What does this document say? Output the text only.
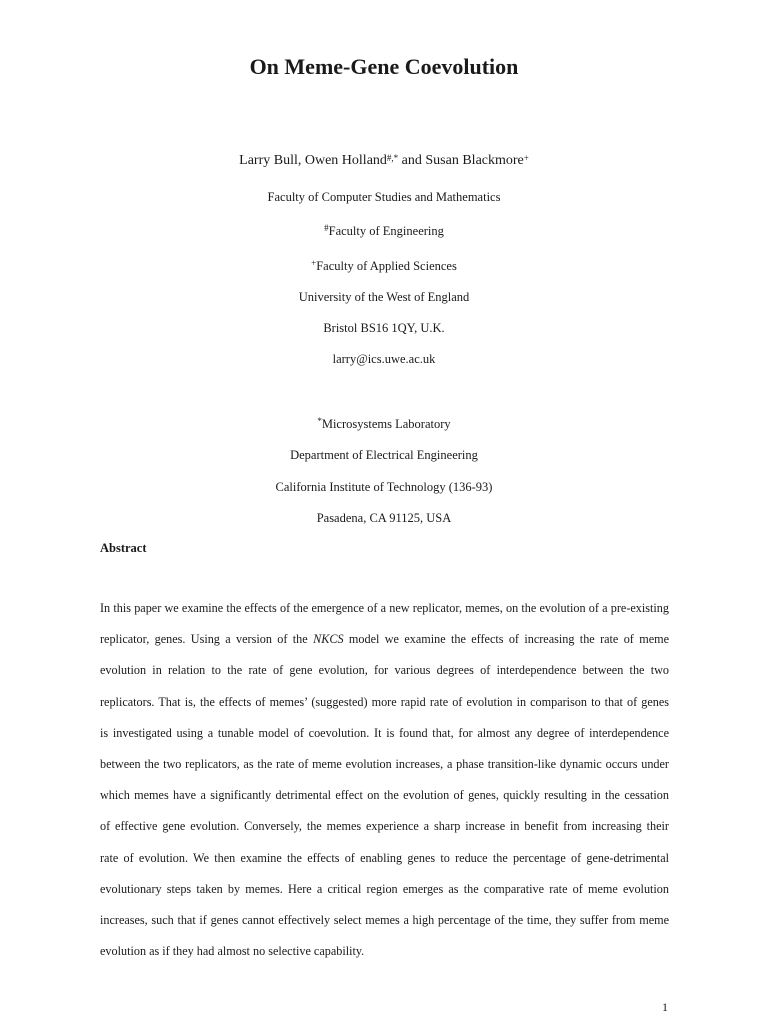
On Meme-Gene Coevolution
Larry Bull, Owen Holland#,* and Susan Blackmore+
Faculty of Computer Studies and Mathematics
#Faculty of Engineering
+Faculty of Applied Sciences
University of the West of England
Bristol BS16 1QY, U.K.
larry@ics.uwe.ac.uk
*Microsystems Laboratory
Department of Electrical Engineering
California Institute of Technology (136-93)
Pasadena, CA 91125, USA
Abstract
In this paper we examine the effects of the emergence of a new replicator, memes, on the evolution of a pre-existing
replicator, genes. Using a version of the NKCS model we examine the effects of increasing the rate of meme
evolution in relation to the rate of gene evolution, for various degrees of interdependence between the two
replicators. That is, the effects of memes’ (suggested) more rapid rate of evolution in comparison to that of genes
is investigated using a tunable model of coevolution. It is found that, for almost any degree of interdependence
between the two replicators, as the rate of meme evolution increases, a phase transition-like dynamic occurs under
which memes have a significantly detrimental effect on the evolution of genes, quickly resulting in the cessation
of effective gene evolution. Conversely, the memes experience a sharp increase in benefit from increasing their
rate of evolution. We then examine the effects of enabling genes to reduce the percentage of gene-detrimental
evolutionary steps taken by memes. Here a critical region emerges as the comparative rate of meme evolution
increases, such that if genes cannot effectively select memes a high percentage of the time, they suffer from meme
evolution as if they had almost no selective capability.
1
